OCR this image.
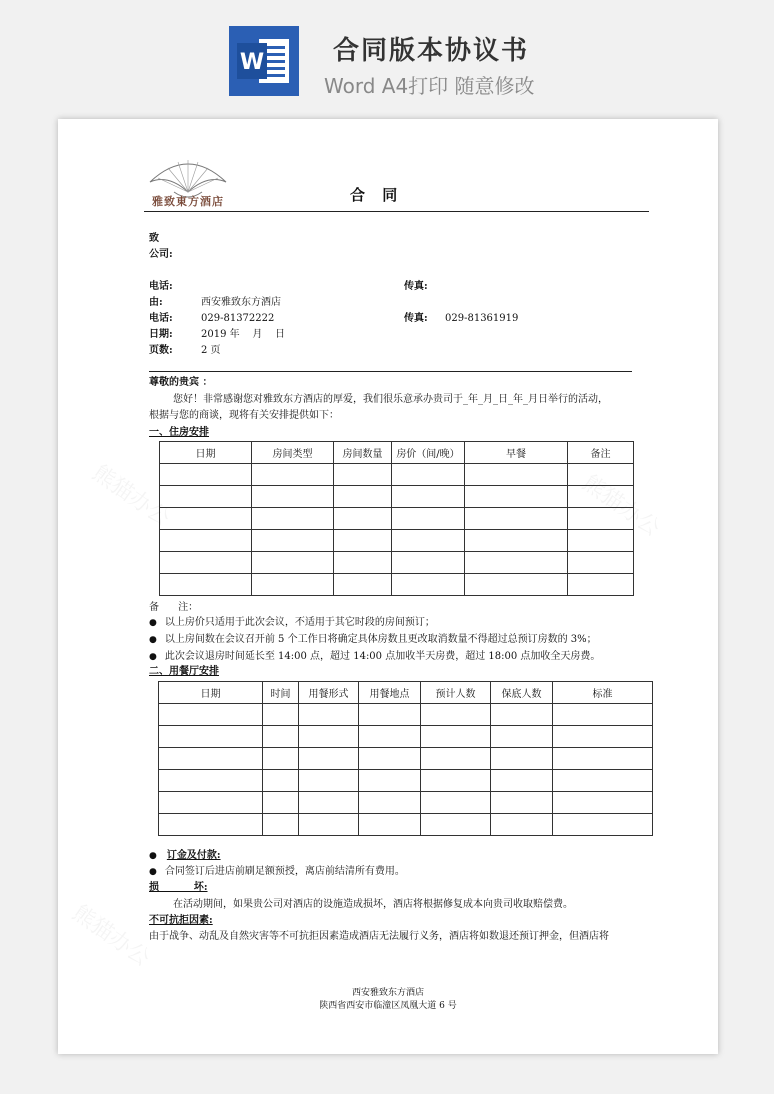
W	合同版本协议书
Word A4打印 随意修改
雅致東方酒店	合 同
致
公司:
电话:	传真:
由:	西安雅致东方酒店
电话:	029-81372222	传真: 029-81361919
日期:	2019 年    月    日
页数:	2 页
尊敬的贵宾 ：
您好！非常感谢您对雅致东方酒店的厚爱，我们很乐意承办贵司于_年_月_日_年_月日举行的活动，
根据与您的商谈，现将有关安排提供如下：
一、住房安排
日期	房间类型	房间数量	房价（间/晚）	早餐	备注

备      注：
● 以上房价只适用于此次会议，不适用于其它时段的房间预订；
● 以上房间数在会议召开前 5 个工作日将确定具体房数且更改取消数量不得超过总预订房数的 3%；
● 此次会议退房时间延长至 14:00 点，超过 14:00 点加收半天房费，超过 18:00 点加收全天房费。
二、用餐厅安排
日期	时间	用餐形式	用餐地点	预计人数	保底人数	标准

● 订金及付款:
● 合同签订后进店前刷足额预授，离店前结清所有费用。
损          坏:
在活动期间，如果贵公司对酒店的设施造成损坏，酒店将根据修复成本向贵司收取赔偿费。
不可抗拒因素:
由于战争、动乱及自然灾害等不可抗拒因素造成酒店无法履行义务，酒店将如数退还预订押金，但酒店将
西安雅致东方酒店
陕西省西安市临潼区凤凰大道 6 号
